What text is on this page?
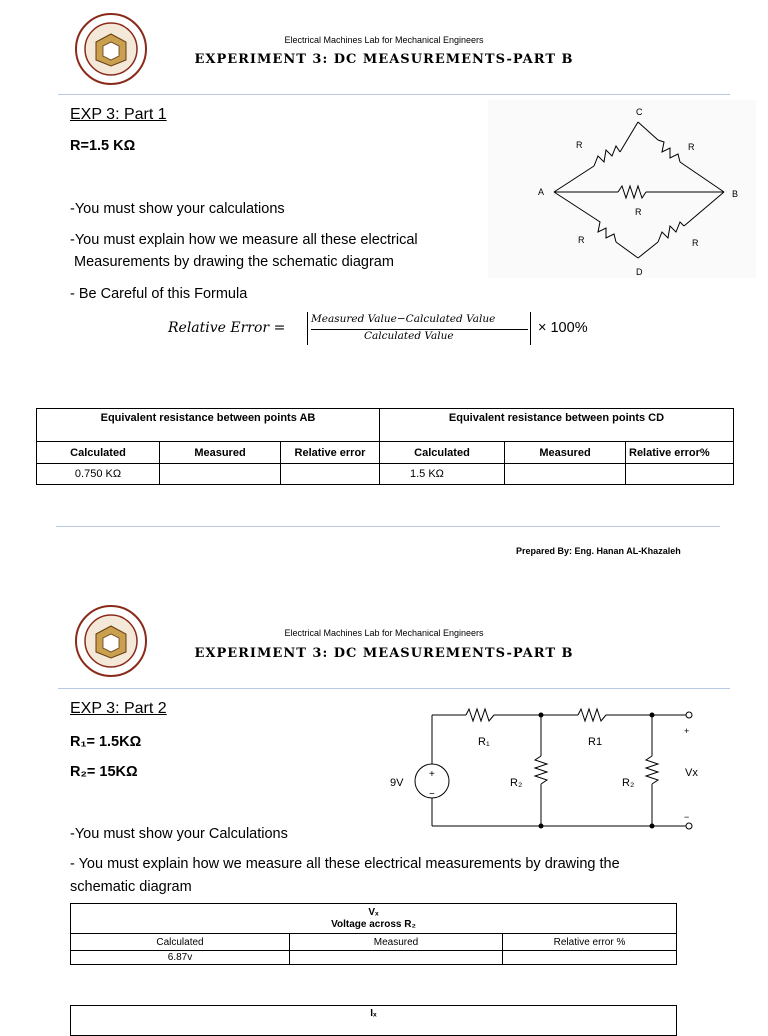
Electrical Machines Lab for Mechanical Engineers
EXPERIMENT 3: DC MEASUREMENTS-PART B
EXP 3: Part 1
R=1.5 KΩ
-You must show your calculations
-You must explain how we measure all these electrical
Measurements by drawing the schematic diagram
- Be Careful of this Formula
Relative Error =
Measured Value−Calculated Value
Calculated Value	× 100%
C
A	B
D
R	R
R
R	R
Equivalent resistance between points AB			Equivalent resistance between points CD		
Calculated	Measured	Relative error	Calculated	Measured	Relative error%
0.750 KΩ			1.5 KΩ		
Prepared By: Eng. Hanan AL-Khazaleh
Electrical Machines Lab for Mechanical Engineers
EXPERIMENT 3: DC MEASUREMENTS-PART B
EXP 3: Part 2
R₁= 1.5KΩ
R₂= 15KΩ
-You must show your Calculations
- You must explain how we measure all these electrical measurements by drawing the
schematic diagram
+
−
9V
R₁	R1
R₂	R₂
Vx
+
−
Vₓ
Voltage across R₂		

Calculated	Measured	Relative error %
6.87v		
Iₓ
